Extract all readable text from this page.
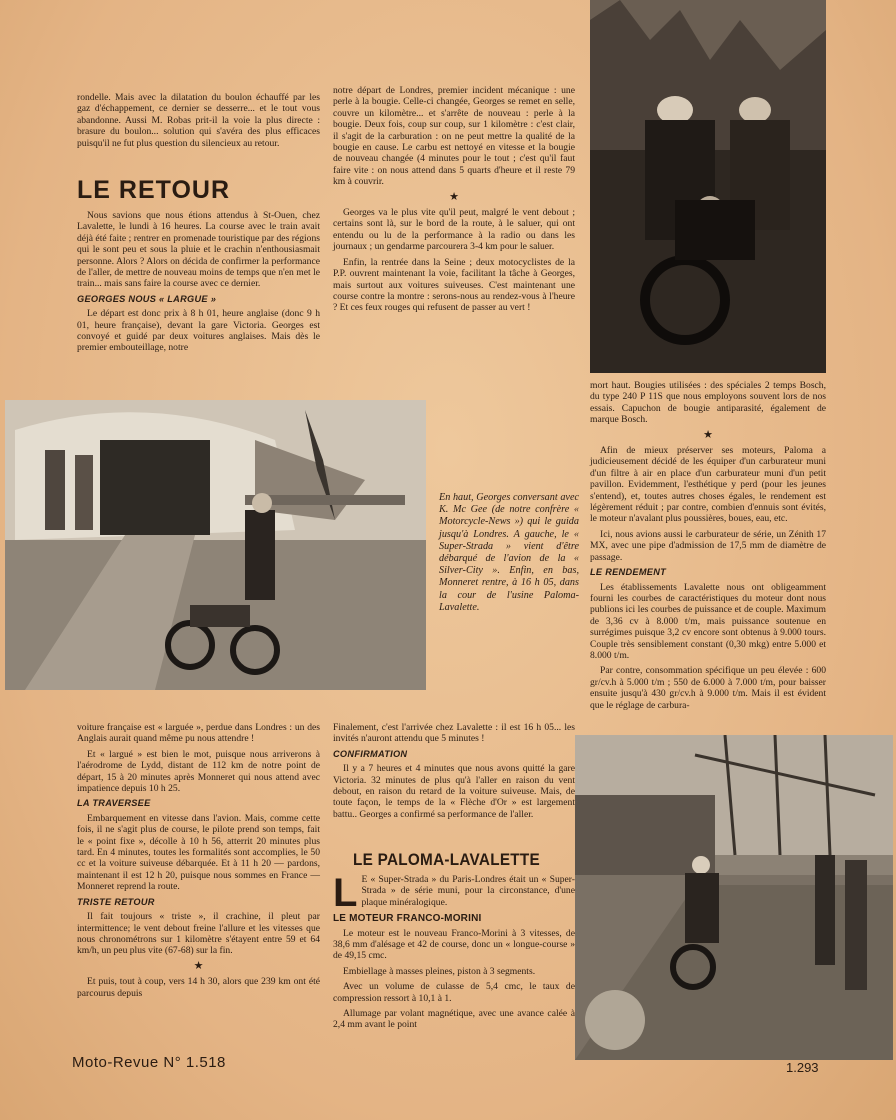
rondelle. Mais avec la dilatation du boulon échauffé par les gaz d'échappement, ce dernier se desserre... et le tout vous abandonne. Aussi M. Robas prit-il la voie la plus directe : brasure du boulon... solution qui s'avéra des plus efficaces puisqu'il ne fut plus question du silencieux au retour.

LE RETOUR

Nous savions que nous étions attendus à St-Ouen, chez Lavalette, le lundi à 16 heures. La course avec le train avait déjà été faite ; rentrer en promenade touristique par des régions qui le sont peu et sous la pluie et le crachin n'enthousiasmait personne. Alors ? Alors on décida de confirmer la performance de l'aller, de mettre de nouveau moins de temps que n'en met le train... mais sans faire la course avec ce dernier.

GEORGES NOUS « LARGUE »

Le départ est donc prix à 8 h 01, heure anglaise (donc 9 h 01, heure française), devant la gare Victoria. Georges est convoyé et guidé par deux voitures anglaises. Mais dès le premier embouteillage, notre

notre départ de Londres, premier incident mécanique : une perle à la bougie. Celle-ci changée, Georges se remet en selle, couvre un kilomètre... et s'arrête de nouveau : perle à la bougie. Deux fois, coup sur coup, sur 1 kilomètre : c'est clair, il s'agit de la carburation : on ne peut mettre la qualité de la bougie en cause. Le carbu est nettoyé en vitesse et la bougie de nouveau changée (4 minutes pour le tout ; c'est qu'il faut faire vite : on nous attend dans 5 quarts d'heure et il reste 79 km à couvrir.

★

Georges va le plus vite qu'il peut, malgré le vent debout ; certains sont là, sur le bord de la route, à le saluer, qui ont entendu ou lu de la performance à la radio ou dans les journaux ; un gendarme parcourera 3-4 km pour le saluer.

Enfin, la rentrée dans la Seine ; deux motocyclistes de la P.P. ouvrent maintenant la voie, facilitant la tâche à Georges, mais surtout aux voitures suiveuses. C'est maintenant une course contre la montre : serons-nous au rendez-vous à l'heure ? Et ces feux rouges qui refusent de passer au vert !

mort haut. Bougies utilisées : des spéciales 2 temps Bosch, du type 240 P 11S que nous employons souvent lors de nos essais. Capuchon de bougie antiparasité, également de marque Bosch.

★

Afin de mieux préserver ses moteurs, Paloma a judicieusement décidé de les équiper d'un carburateur muni d'un filtre à air en place d'un carburateur muni d'un petit pavillon. Evidemment, l'esthétique y perd (pour les jeunes s'entend), et, toutes autres choses égales, le rendement est légèrement réduit ; par contre, combien d'ennuis sont évités, le moteur n'avalant plus poussières, boues, eau, etc.

Ici, nous avions aussi le carburateur de série, un Zénith 17 MX, avec une pipe d'admission de 17,5 mm de diamètre de passage.

LE RENDEMENT

Les établissements Lavalette nous ont obligeamment fourni les courbes de caractéristiques du moteur dont nous publions ici les courbes de puissance et de couple. Maximum de 3,36 cv à 8.000 t/m, mais puissance soutenue en surrégimes puisque 3,2 cv encore sont obtenus à 9.000 tours. Couple très sensiblement constant (0,30 mkg) entre 5.000 et 8.000 t/m.

Par contre, consommation spécifique un peu élevée : 600 gr/cv.h à 5.000 t/m ; 550 de 6.000 à 7.000 t/m, pour baisser ensuite jusqu'à 430 gr/cv.h à 9.000 t/m. Mais il est évident que le réglage de carbura-

En haut, Georges conversant avec K. Mc Gee (de notre confrère « Motorcycle-News ») qui le guida jusqu'à Londres. A gauche, le « Super-Strada » vient d'être débarqué de l'avion de la « Silver-City ». Enfin, en bas, Monneret rentre, à 16 h 05, dans la cour de l'usine Paloma-Lavalette.

voiture française est « larguée », perdue dans Londres : un des Anglais aurait quand même pu nous attendre !

Et « largué » est bien le mot, puisque nous arriverons à l'aérodrome de Lydd, distant de 112 km de notre point de départ, 15 à 20 minutes après Monneret qui nous attend avec impatience depuis 10 h 25.

LA TRAVERSEE

Embarquement en vitesse dans l'avion. Mais, comme cette fois, il ne s'agit plus de course, le pilote prend son temps, fait le « point fixe », décolle à 10 h 56, atterrit 20 minutes plus tard. En 4 minutes, toutes les formalités sont accomplies, le 50 cc et la voiture suiveuse débarquée. Et à 11 h 20 — pardons, maintenant il est 12 h 20, puisque nous sommes en France — Monneret reprend la route.

TRISTE RETOUR

Il fait toujours « triste », il crachine, il pleut par intermittence; le vent debout freine l'allure et les vitesses que nous chronométrons sur 1 kilomètre s'étayent entre 59 et 64 km/h, un peu plus vite (67-68) sur la fin.

★

Et puis, tout à coup, vers 14 h 30, alors que 239 km ont été parcourus depuis

Finalement, c'est l'arrivée chez Lavalette : il est 16 h 05... les invités n'auront attendu que 5 minutes !

CONFIRMATION

Il y a 7 heures et 4 minutes que nous avons quitté la gare Victoria. 32 minutes de plus qu'à l'aller en raison du vent debout, en raison du retard de la voiture suiveuse. Mais, de toute façon, le temps de la « Flèche d'Or » est largement battu.. Georges a confirmé sa performance de l'aller.

LE PALOMA-LAVALETTE

L E « Super-Strada » du Paris-Londres était un « Super-Strada » de série muni, pour la circonstance, d'une plaque minéralogique.

LE MOTEUR FRANCO-MORINI

Le moteur est le nouveau Franco-Morini à 3 vitesses, de 38,6 mm d'alésage et 42 de course, donc un « longue-course » de 49,15 cmc.

Embiellage à masses pleines, piston à 3 segments.

Avec un volume de culasse de 5,4 cmc, le taux de compression ressort à 10,1 à 1.

Allumage par volant magnétique, avec une avance calée à 2,4 mm avant le point

Moto-Revue N° 1.518	1.293
